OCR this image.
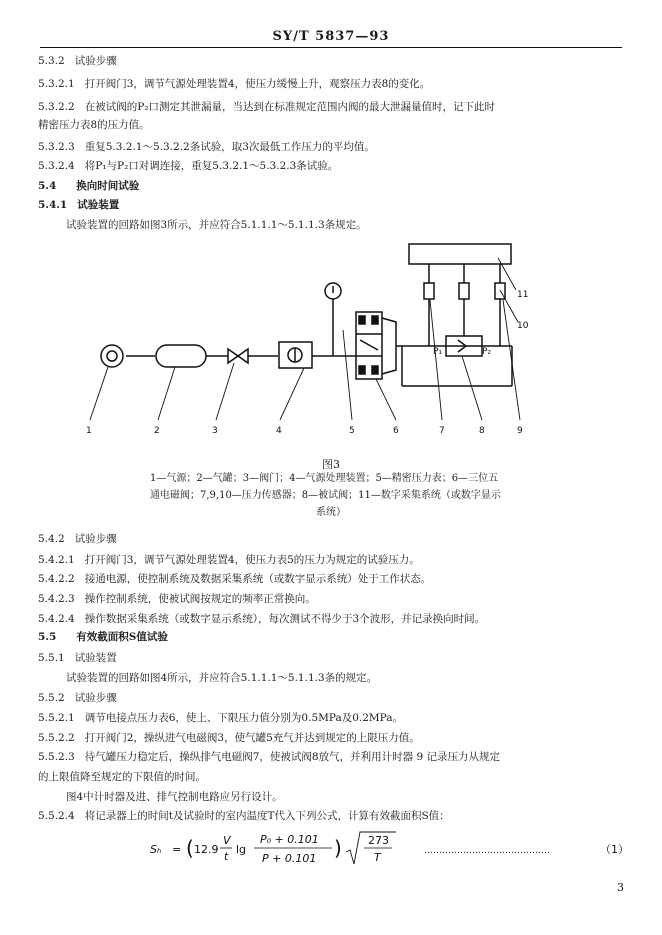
SY/T 5837—93
5.3.2 试验步骤
5.3.2.1 打开阀门3，调节气源处理装置4，使压力缓慢上升，观察压力表8的变化。
5.3.2.2 在被试阀的P₂口测定其泄漏量，当达到在标准规定范围内阀的最大泄漏量值时，记下此时
精密压力表8的压力值。
5.3.2.3 重复5.3.2.1～5.3.2.2条试验，取3次最低工作压力的平均值。
5.3.2.4 将P₁与P₂口对调连接，重复5.3.2.1～5.3.2.3条试验。
5.4 换向时间试验
5.4.1 试验装置
试验装置的回路如图3所示，并应符合5.1.1.1～5.1.1.3条规定。
1	2	3	4	5	6	7	8	9
10
11
P₁	P₂
图3
1—气源；2—气罐；3—阀门；4—气源处理装置；5—精密压力表；6—三位五
通电磁阀；7,9,10—压力传感器；8—被试阀；11—数字采集系统（或数字显示
系统）
5.4.2 试验步骤
5.4.2.1 打开阀门3，调节气源处理装置4，使压力表5的压力为规定的试验压力。
5.4.2.2 接通电源，使控制系统及数据采集系统（或数字显示系统）处于工作状态。
5.4.2.3 操作控制系统，使被试阀按规定的频率正常换向。
5.4.2.4 操作数据采集系统（或数字显示系统），每次测试不得少于3个波形，并记录换向时间。
5.5 有效截面积S值试验
5.5.1 试验装置
试验装置的回路如图4所示，并应符合5.1.1.1～5.1.1.3条的规定。
5.5.2 试验步骤
5.5.2.1 调节电接点压力表6，使上、下限压力值分别为0.5MPa及0.2MPa。
5.5.2.2 打开阀门2，操纵进气电磁阀3，使气罐5充气并达到规定的上限压力值。
5.5.2.3 待气罐压力稳定后，操纵排气电磁阀7，使被试阀8放气，并利用计时器 9 记录压力从规定
的上限值降至规定的下限值的时间。
图4中计时器及进、排气控制电路应另行设计。
5.5.2.4 将记录器上的时间t及试验时的室内温度T代入下列公式，计算有效截面积S值：
Sₕ = ( 12.9
V
t
lg
P₀ + 0.101
P + 0.101 ) 273
T	……………………………………	（1）
3
